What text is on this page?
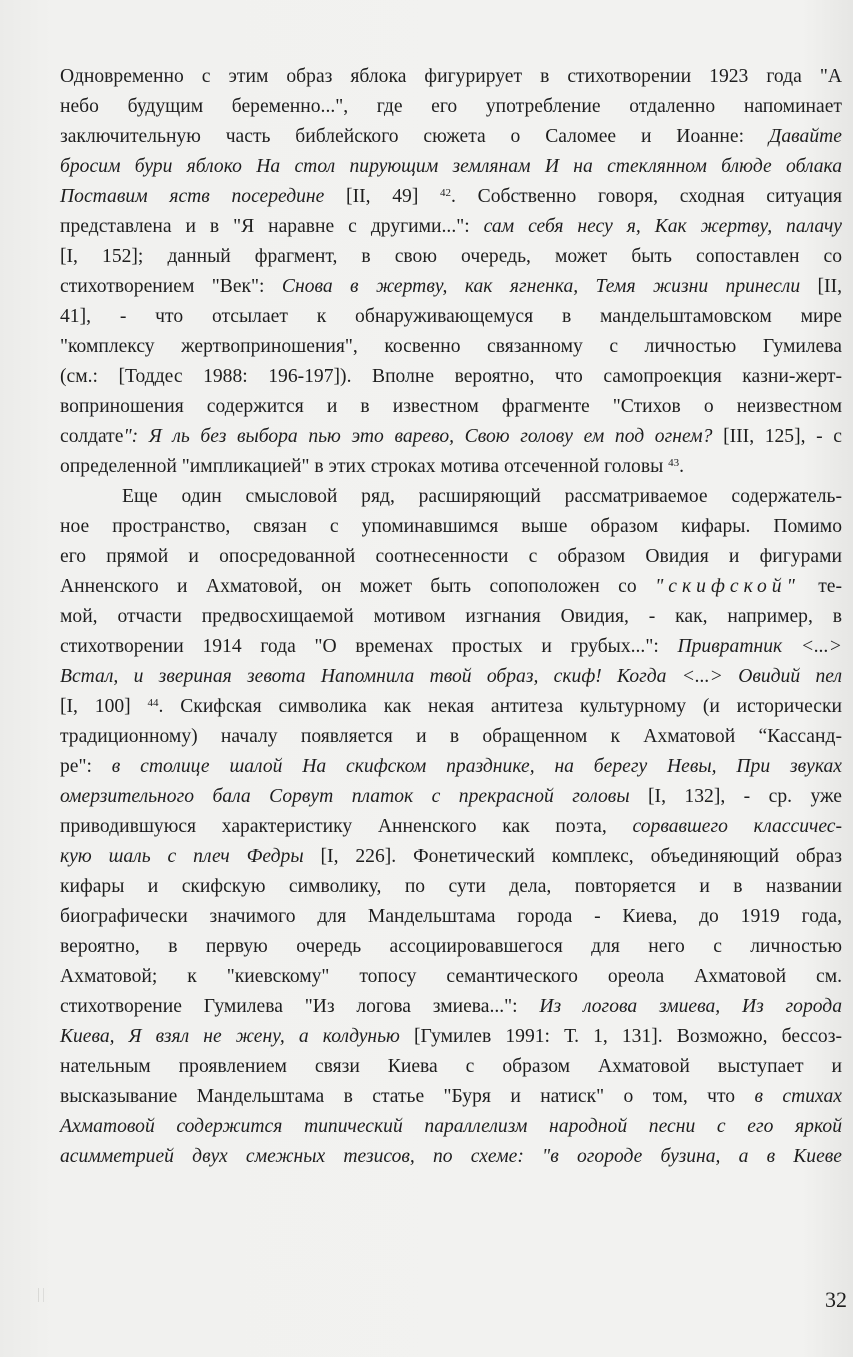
Одновременно с этим образ яблока фигурирует в стихотворении 1923 года "А
небо будущим беременно...", где его употребление отдаленно напоминает
заключительную часть библейского сюжета о Саломее и Иоанне: Давайте
бросим бури яблоко На стол пирующим землянам И на стеклянном блюде облака
Поставим яств посередине [II, 49] $^{42}$. Собственно говоря, сходная ситуация
представлена и в "Я наравне с другими...": сам себя несу я, Как жертву, палачу
[I, 152]; данный фрагмент, в свою очередь, может быть сопоставлен со
стихотворением "Век": Снова в жертву, как ягненка, Темя жизни принесли [II,
41], - что отсылает к обнаруживающемуся в мандельштамовском мире
"комплексу жертвоприношения", косвенно связанному с личностью Гумилева
(см.: [Тоддес 1988: 196-197]). Вполне вероятно, что самопроекция казни-жерт-
воприношения содержится и в известном фрагменте "Стихов о неизвестном
солдате": Я ль без выбора пью это варево, Свою голову ем под огнем? [III, 125], - с
определенной "импликацией" в этих строках мотива отсеченной головы $^{43}$.
Еще один смысловой ряд, расширяющий рассматриваемое содержатель-
ное пространство, связан с упоминавшимся выше образом кифары. Помимо
его прямой и опосредованной соотнесенности с образом Овидия и фигурами
Анненского и Ахматовой, он может быть сопоположен со "скифской" те-
мой, отчасти предвосхищаемой мотивом изгнания Овидия, - как, например, в
стихотворении 1914 года "О временах простых и грубых...": Привратник <...>
Встал, и звериная зевота Напомнила твой образ, скиф! Когда <...> Овидий пел
[I, 100] $^{44}$. Скифская символика как некая антитеза культурному (и исторически
традиционному) началу появляется и в обращенном к Ахматовой “Кассанд-
ре": в столице шалой На скифском празднике, на берегу Невы, При звуках
омерзительного бала Сорвут платок с прекрасной головы [I, 132], - ср. уже
приводившуюся характеристику Анненского как поэта, сорвавшего классичес-
кую шаль с плеч Федры [I, 226]. Фонетический комплекс, объединяющий образ
кифары и скифскую символику, по сути дела, повторяется и в названии
биографически значимого для Мандельштама города - Киева, до 1919 года,
вероятно, в первую очередь ассоциировавшегося для него с личностью
Ахматовой; к "киевскому" топосу семантического ореола Ахматовой см.
стихотворение Гумилева "Из логова змиева...": Из логова змиева, Из города
Киева, Я взял не жену, а колдунью [Гумилев 1991: Т. 1, 131]. Возможно, бессоз-
нательным проявлением связи Киева с образом Ахматовой выступает и
высказывание Мандельштама в статье "Буря и натиск" о том, что в стихах
Ахматовой содержится типический параллелизм народной песни с его яркой
асимметрией двух смежных тезисов, по схеме: "в огороде бузина, а в Киеве
32
